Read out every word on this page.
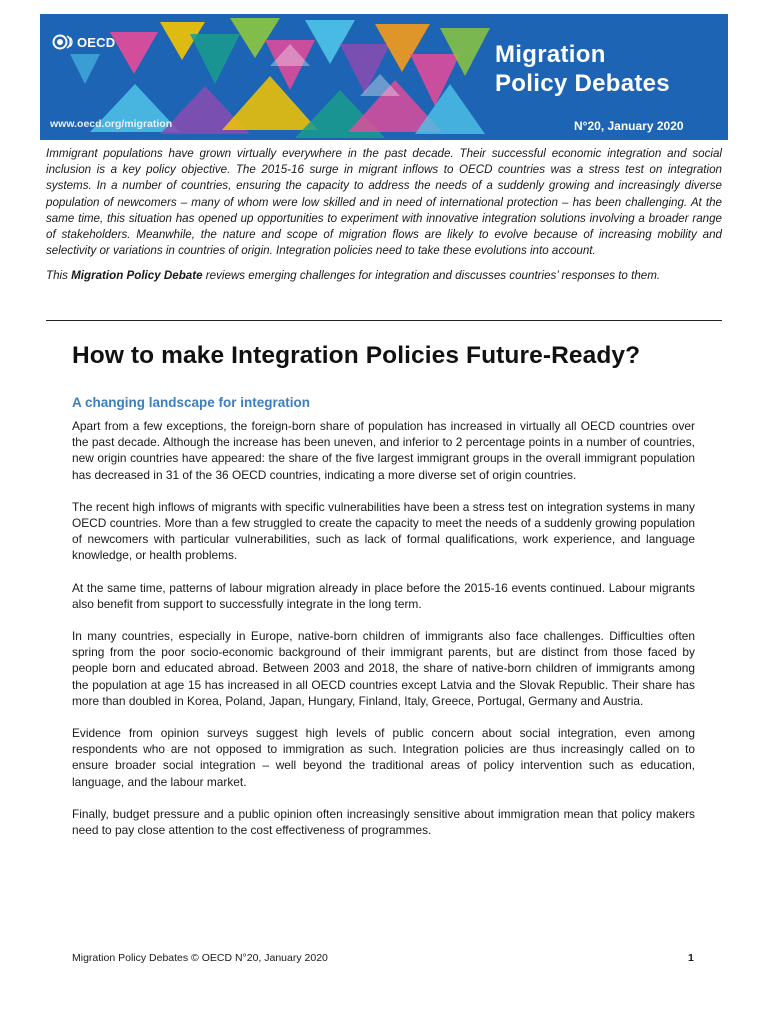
OECD
www.oecd.org/migration
Migration
Policy Debates
N°20, January 2020

Immigrant populations have grown virtually everywhere in the past decade. Their successful economic integration and social inclusion is a key policy objective. The 2015-16 surge in migrant inflows to OECD countries was a stress test on integration systems. In a number of countries, ensuring the capacity to address the needs of a suddenly growing and increasingly diverse population of newcomers – many of whom were low skilled and in need of international protection – has been challenging. At the same time, this situation has opened up opportunities to experiment with innovative integration solutions involving a broader range of stakeholders. Meanwhile, the nature and scope of migration flows are likely to evolve because of increasing mobility and selectivity or variations in countries of origin. Integration policies need to take these evolutions into account.

This Migration Policy Debate reviews emerging challenges for integration and discusses countries’ responses to them.

How to make Integration Policies Future-Ready?
A changing landscape for integration

Apart from a few exceptions, the foreign-born share of population has increased in virtually all OECD countries over the past decade. Although the increase has been uneven, and inferior to 2 percentage points in a number of countries, new origin countries have appeared: the share of the five largest immigrant groups in the overall immigrant population has decreased in 31 of the 36 OECD countries, indicating a more diverse set of origin countries.

The recent high inflows of migrants with specific vulnerabilities have been a stress test on integration systems in many OECD countries. More than a few struggled to create the capacity to meet the needs of a suddenly growing population of newcomers with particular vulnerabilities, such as lack of formal qualifications, work experience, and language knowledge, or health problems.

At the same time, patterns of labour migration already in place before the 2015-16 events continued. Labour migrants also benefit from support to successfully integrate in the long term.

In many countries, especially in Europe, native-born children of immigrants also face challenges. Difficulties often spring from the poor socio-economic background of their immigrant parents, but are distinct from those faced by people born and educated abroad. Between 2003 and 2018, the share of native-born children of immigrants among the population at age 15 has increased in all OECD countries except Latvia and the Slovak Republic. Their share has more than doubled in Korea, Poland, Japan, Hungary, Finland, Italy, Greece, Portugal, Germany and Austria.

Evidence from opinion surveys suggest high levels of public concern about social integration, even among respondents who are not opposed to immigration as such. Integration policies are thus increasingly called on to ensure broader social integration – well beyond the traditional areas of policy intervention such as education, language, and the labour market.

Finally, budget pressure and a public opinion often increasingly sensitive about immigration mean that policy makers need to pay close attention to the cost effectiveness of programmes.

Migration Policy Debates © OECD N°20, January 2020	1
